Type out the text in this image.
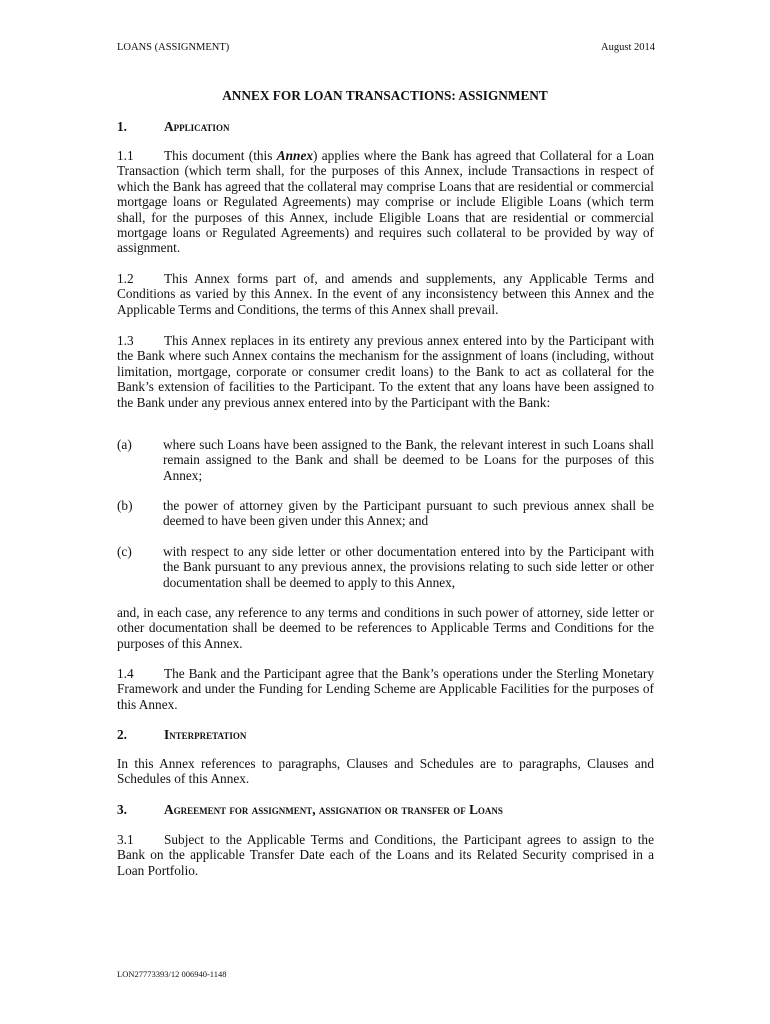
LOANS (ASSIGNMENT)	August 2014
ANNEX FOR LOAN TRANSACTIONS: ASSIGNMENT
1.	Application
1.1 This document (this Annex) applies where the Bank has agreed that Collateral for a Loan Transaction (which term shall, for the purposes of this Annex, include Transactions in respect of which the Bank has agreed that the collateral may comprise Loans that are residential or commercial mortgage loans or Regulated Agreements) may comprise or include Eligible Loans (which term shall, for the purposes of this Annex, include Eligible Loans that are residential or commercial mortgage loans or Regulated Agreements) and requires such collateral to be provided by way of assignment.
1.2 This Annex forms part of, and amends and supplements, any Applicable Terms and Conditions as varied by this Annex. In the event of any inconsistency between this Annex and the Applicable Terms and Conditions, the terms of this Annex shall prevail.
1.3 This Annex replaces in its entirety any previous annex entered into by the Participant with the Bank where such Annex contains the mechanism for the assignment of loans (including, without limitation, mortgage, corporate or consumer credit loans) to the Bank to act as collateral for the Bank’s extension of facilities to the Participant. To the extent that any loans have been assigned to the Bank under any previous annex entered into by the Participant with the Bank:
(a) where such Loans have been assigned to the Bank, the relevant interest in such Loans shall remain assigned to the Bank and shall be deemed to be Loans for the purposes of this Annex;
(b) the power of attorney given by the Participant pursuant to such previous annex shall be deemed to have been given under this Annex; and
(c) with respect to any side letter or other documentation entered into by the Participant with the Bank pursuant to any previous annex, the provisions relating to such side letter or other documentation shall be deemed to apply to this Annex,
and, in each case, any reference to any terms and conditions in such power of attorney, side letter or other documentation shall be deemed to be references to Applicable Terms and Conditions for the purposes of this Annex.
1.4 The Bank and the Participant agree that the Bank’s operations under the Sterling Monetary Framework and under the Funding for Lending Scheme are Applicable Facilities for the purposes of this Annex.
2.	Interpretation
In this Annex references to paragraphs, Clauses and Schedules are to paragraphs, Clauses and Schedules of this Annex.
3.	Agreement for assignment, assignation or transfer of Loans
3.1 Subject to the Applicable Terms and Conditions, the Participant agrees to assign to the Bank on the applicable Transfer Date each of the Loans and its Related Security comprised in a Loan Portfolio.
LON27773393/12 006940-1148
